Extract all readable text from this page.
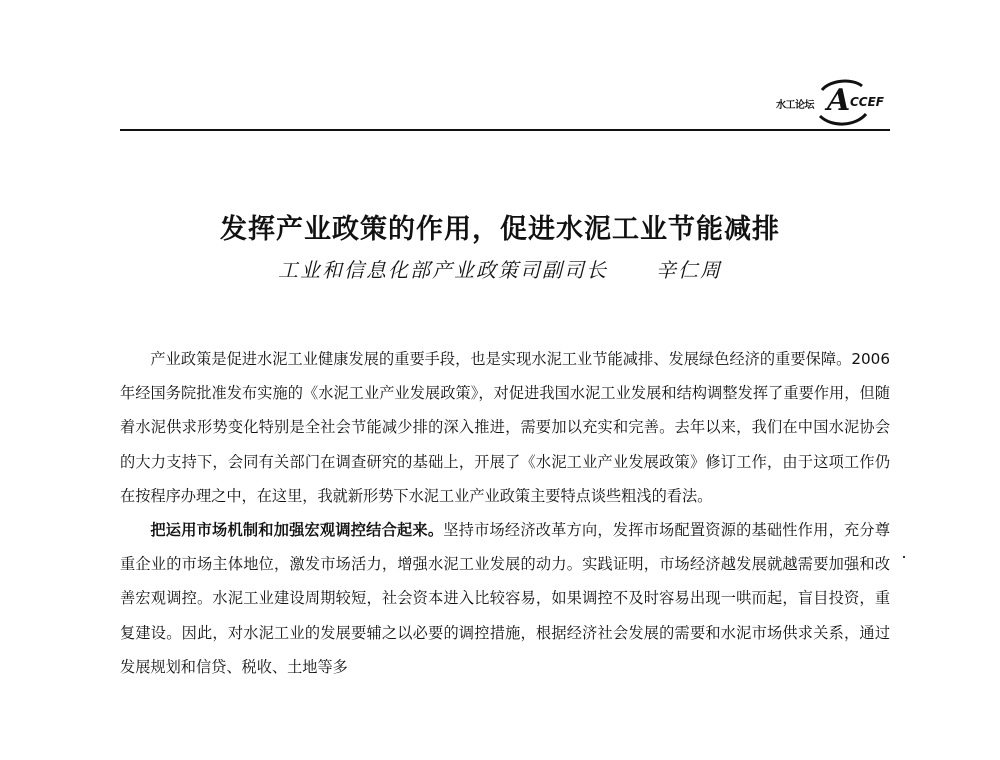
水工论坛 A CCEF
发挥产业政策的作用，促进水泥工业节能减排
工业和信息化部产业政策司副司长 辛仁周

产业政策是促进水泥工业健康发展的重要手段，也是实现水泥工业节能减排、发展绿色经济的重要保障。2006 年经国务院批准发布实施的《水泥工业产业发展政策》，对促进我国水泥工业发展和结构调整发挥了重要作用，但随着水泥供求形势变化特别是全社会节能减少排的深入推进，需要加以充实和完善。去年以来，我们在中国水泥协会的大力支持下，会同有关部门在调查研究的基础上，开展了《水泥工业产业发展政策》修订工作，由于这项工作仍在按程序办理之中，在这里，我就新形势下水泥工业产业政策主要特点谈些粗浅的看法。

把运用市场机制和加强宏观调控结合起来。坚持市场经济改革方向，发挥市场配置资源的基础性作用，充分尊重企业的市场主体地位，激发市场活力，增强水泥工业发展的动力。实践证明，市场经济越发展就越需要加强和改善宏观调控。水泥工业建设周期较短，社会资本进入比较容易，如果调控不及时容易出现一哄而起，盲目投资，重复建设。因此，对水泥工业的发展要辅之以必要的调控措施，根据经济社会发展的需要和水泥市场供求关系，通过发展规划和信贷、税收、土地等多
